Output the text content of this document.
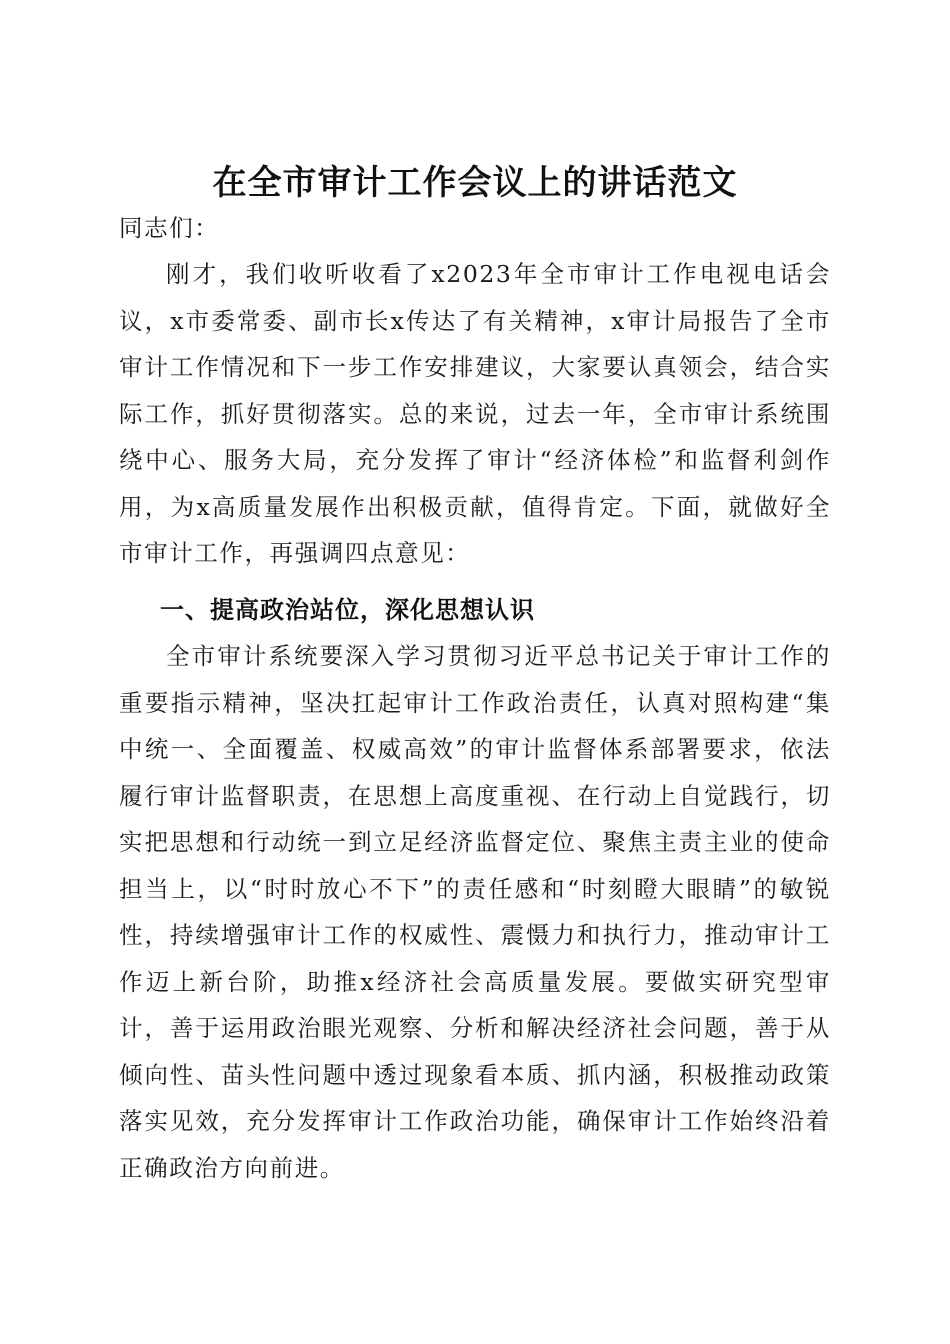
在全市审计工作会议上的讲话范文

同志们：

刚才，我们收听收看了x2023年全市审计工作电视电话会议，x市委常委、副市长x传达了有关精神，x审计局报告了全市审计工作情况和下一步工作安排建议，大家要认真领会，结合实际工作，抓好贯彻落实。总的来说，过去一年，全市审计系统围绕中心、服务大局，充分发挥了审计“经济体检”和监督利剑作用，为x高质量发展作出积极贡献，值得肯定。下面，就做好全市审计工作，再强调四点意见：

一、提高政治站位，深化思想认识

全市审计系统要深入学习贯彻习近平总书记关于审计工作的重要指示精神，坚决扛起审计工作政治责任，认真对照构建“集中统一、全面覆盖、权威高效”的审计监督体系部署要求，依法履行审计监督职责，在思想上高度重视、在行动上自觉践行，切实把思想和行动统一到立足经济监督定位、聚焦主责主业的使命担当上，以“时时放心不下”的责任感和“时刻瞪大眼睛”的敏锐性，持续增强审计工作的权威性、震慑力和执行力，推动审计工作迈上新台阶，助推x经济社会高质量发展。要做实研究型审计，善于运用政治眼光观察、分析和解决经济社会问题，善于从倾向性、苗头性问题中透过现象看本质、抓内涵，积极推动政策落实见效，充分发挥审计工作政治功能，确保审计工作始终沿着正确政治方向前进。
